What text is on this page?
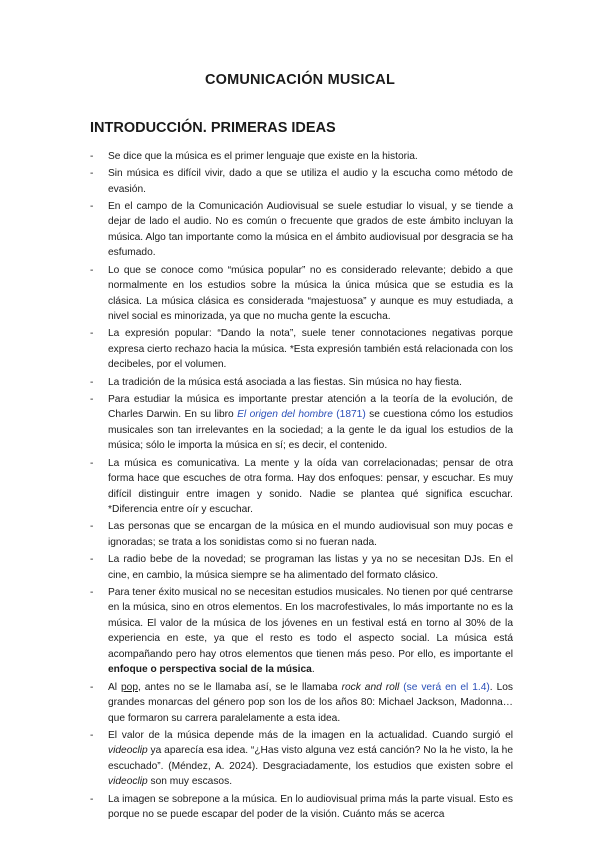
COMUNICACIÓN MUSICAL
INTRODUCCIÓN. PRIMERAS IDEAS
- Se dice que la música es el primer lenguaje que existe en la historia.
- Sin música es difícil vivir, dado a que se utiliza el audio y la escucha como método de evasión.
- En el campo de la Comunicación Audiovisual se suele estudiar lo visual, y se tiende a dejar de lado el audio. No es común o frecuente que grados de este ámbito incluyan la música. Algo tan importante como la música en el ámbito audiovisual por desgracia se ha esfumado.
- Lo que se conoce como “música popular” no es considerado relevante; debido a que normalmente en los estudios sobre la música la única música que se estudia es la clásica. La música clásica es considerada “majestuosa” y aunque es muy estudiada, a nivel social es minorizada, ya que no mucha gente la escucha.
- La expresión popular: “Dando la nota”, suele tener connotaciones negativas porque expresa cierto rechazo hacia la música. *Esta expresión también está relacionada con los decibeles, por el volumen.
- La tradición de la música está asociada a las fiestas. Sin música no hay fiesta.
- Para estudiar la música es importante prestar atención a la teoría de la evolución, de Charles Darwin. En su libro El origen del hombre (1871) se cuestiona cómo los estudios musicales son tan irrelevantes en la sociedad; a la gente le da igual los estudios de la música; sólo le importa la música en sí; es decir, el contenido.
- La música es comunicativa. La mente y la oída van correlacionadas; pensar de otra forma hace que escuches de otra forma. Hay dos enfoques: pensar, y escuchar. Es muy difícil distinguir entre imagen y sonido. Nadie se plantea qué significa escuchar. *Diferencia entre oír y escuchar.
- Las personas que se encargan de la música en el mundo audiovisual son muy pocas e ignoradas; se trata a los sonidistas como si no fueran nada.
- La radio bebe de la novedad; se programan las listas y ya no se necesitan DJs. En el cine, en cambio, la música siempre se ha alimentado del formato clásico.
- Para tener éxito musical no se necesitan estudios musicales. No tienen por qué centrarse en la música, sino en otros elementos. En los macrofestivales, lo más importante no es la música. El valor de la música de los jóvenes en un festival está en torno al 30% de la experiencia en este, ya que el resto es todo el aspecto social. La música está acompañando pero hay otros elementos que tienen más peso. Por ello, es importante el enfoque o perspectiva social de la música.
- Al pop, antes no se le llamaba así, se le llamaba rock and roll (se verá en el 1.4). Los grandes monarcas del género pop son los de los años 80: Michael Jackson, Madonna… que formaron su carrera paralelamente a esta idea.
- El valor de la música depende más de la imagen en la actualidad. Cuando surgió el videoclip ya aparecía esa idea. “¿Has visto alguna vez está canción? No la he visto, la he escuchado”. (Méndez, A. 2024). Desgraciadamente, los estudios que existen sobre el videoclip son muy escasos.
- La imagen se sobrepone a la música. En lo audiovisual prima más la parte visual. Esto es porque no se puede escapar del poder de la visión. Cuánto más se acerca
